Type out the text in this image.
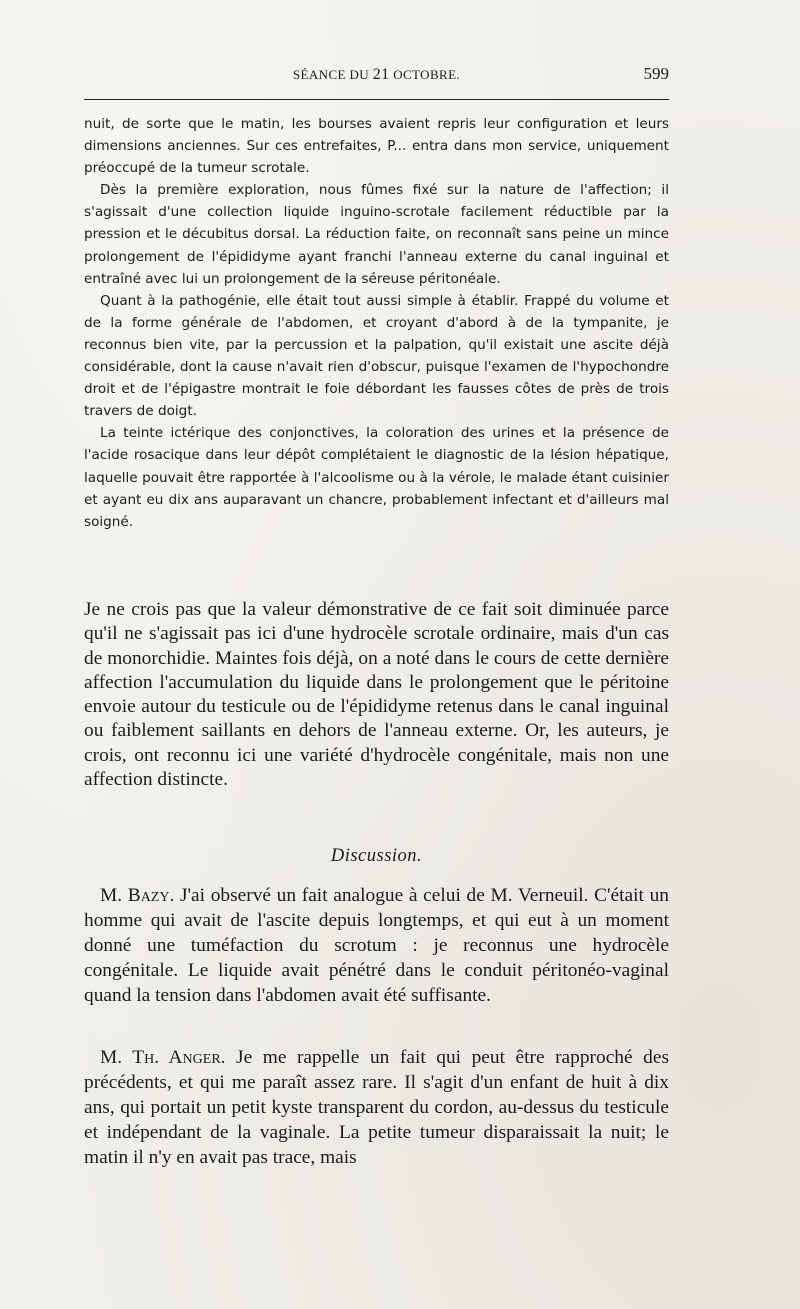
SÉANCE DU 21 OCTOBRE.	599

nuit, de sorte que le matin, les bourses avaient repris leur configuration et leurs dimensions anciennes. Sur ces entrefaites, P... entra dans mon service, uniquement préoccupé de la tumeur scrotale.

Dès la première exploration, nous fûmes fixé sur la nature de l'affection; il s'agissait d'une collection liquide inguino-scrotale facilement réductible par la pression et le décubitus dorsal. La réduction faite, on reconnaît sans peine un mince prolongement de l'épididyme ayant franchi l'anneau externe du canal inguinal et entraîné avec lui un prolongement de la séreuse péritonéale.

Quant à la pathogénie, elle était tout aussi simple à établir. Frappé du volume et de la forme générale de l'abdomen, et croyant d'abord à de la tympanite, je reconnus bien vite, par la percussion et la palpation, qu'il existait une ascite déjà considérable, dont la cause n'avait rien d'obscur, puisque l'examen de l'hypochondre droit et de l'épigastre montrait le foie débordant les fausses côtes de près de trois travers de doigt.

La teinte ictérique des conjonctives, la coloration des urines et la présence de l'acide rosacique dans leur dépôt complétaient le diagnostic de la lésion hépatique, laquelle pouvait être rapportée à l'alcoolisme ou à la vérole, le malade étant cuisinier et ayant eu dix ans auparavant un chancre, probablement infectant et d'ailleurs mal soigné.

Je ne crois pas que la valeur démonstrative de ce fait soit diminuée parce qu'il ne s'agissait pas ici d'une hydrocèle scrotale ordinaire, mais d'un cas de monorchidie. Maintes fois déjà, on a noté dans le cours de cette dernière affection l'accumulation du liquide dans le prolongement que le péritoine envoie autour du testicule ou de l'épididyme retenus dans le canal inguinal ou faiblement saillants en dehors de l'anneau externe. Or, les auteurs, je crois, ont reconnu ici une variété d'hydrocèle congénitale, mais non une affection distincte.

Discussion.

M. Bazy. J'ai observé un fait analogue à celui de M. Verneuil. C'était un homme qui avait de l'ascite depuis longtemps, et qui eut à un moment donné une tuméfaction du scrotum : je reconnus une hydrocèle congénitale. Le liquide avait pénétré dans le conduit péritonéo-vaginal quand la tension dans l'abdomen avait été suffisante.

M. Th. Anger. Je me rappelle un fait qui peut être rapproché des précédents, et qui me paraît assez rare. Il s'agit d'un enfant de huit à dix ans, qui portait un petit kyste transparent du cordon, au-dessus du testicule et indépendant de la vaginale. La petite tumeur disparaissait la nuit; le matin il n'y en avait pas trace, mais
